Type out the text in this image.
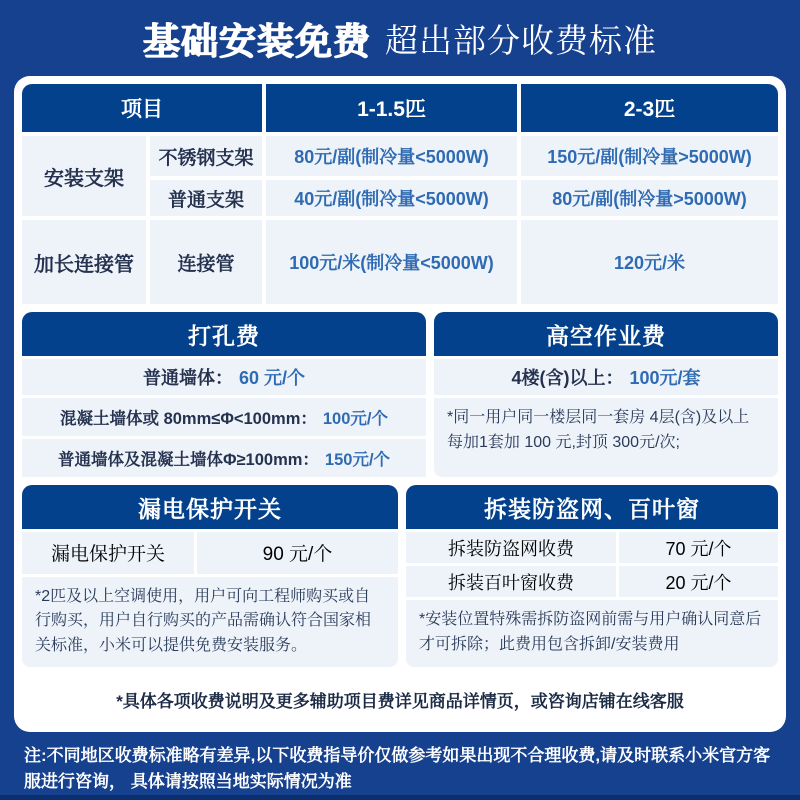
基础安装免费 超出部分收费标准
项目	1-1.5匹	2-3匹
安装支架
不锈钢支架	80元/副(制冷量<5000W)	150元/副(制冷量>5000W)
普通支架	40元/副(制冷量<5000W)	80元/副(制冷量>5000W)
加长连接管	连接管	100元/米(制冷量<5000W)	120元/米
打孔费
普通墙体： 60 元/个
混凝土墙体或 80mm≤Φ<100mm： 100元/个
普通墙体及混凝土墙体Φ≥100mm： 150元/个
高空作业费
4楼(含)以上： 100元/套
*同一用户同一楼层同一套房 4层(含)及以上每加1套加 100 元,封顶 300元/次;
漏电保护开关
漏电保护开关	90 元/个
*2匹及以上空调使用，用户可向工程师购买或自行购买，用户自行购买的产品需确认符合国家相关标准，小米可以提供免费安装服务。
拆装防盗网、百叶窗
拆装防盗网收费	70 元/个
拆装百叶窗收费	20 元/个
*安装位置特殊需拆防盗网前需与用户确认同意后才可拆除；此费用包含拆卸/安装费用
*具体各项收费说明及更多辅助项目费详见商品详情页，或咨询店铺在线客服
注:不同地区收费标准略有差异,以下收费指导价仅做参考如果出现不合理收费,请及时联系小米官方客服进行咨询， 具体请按照当地实际情况为准
